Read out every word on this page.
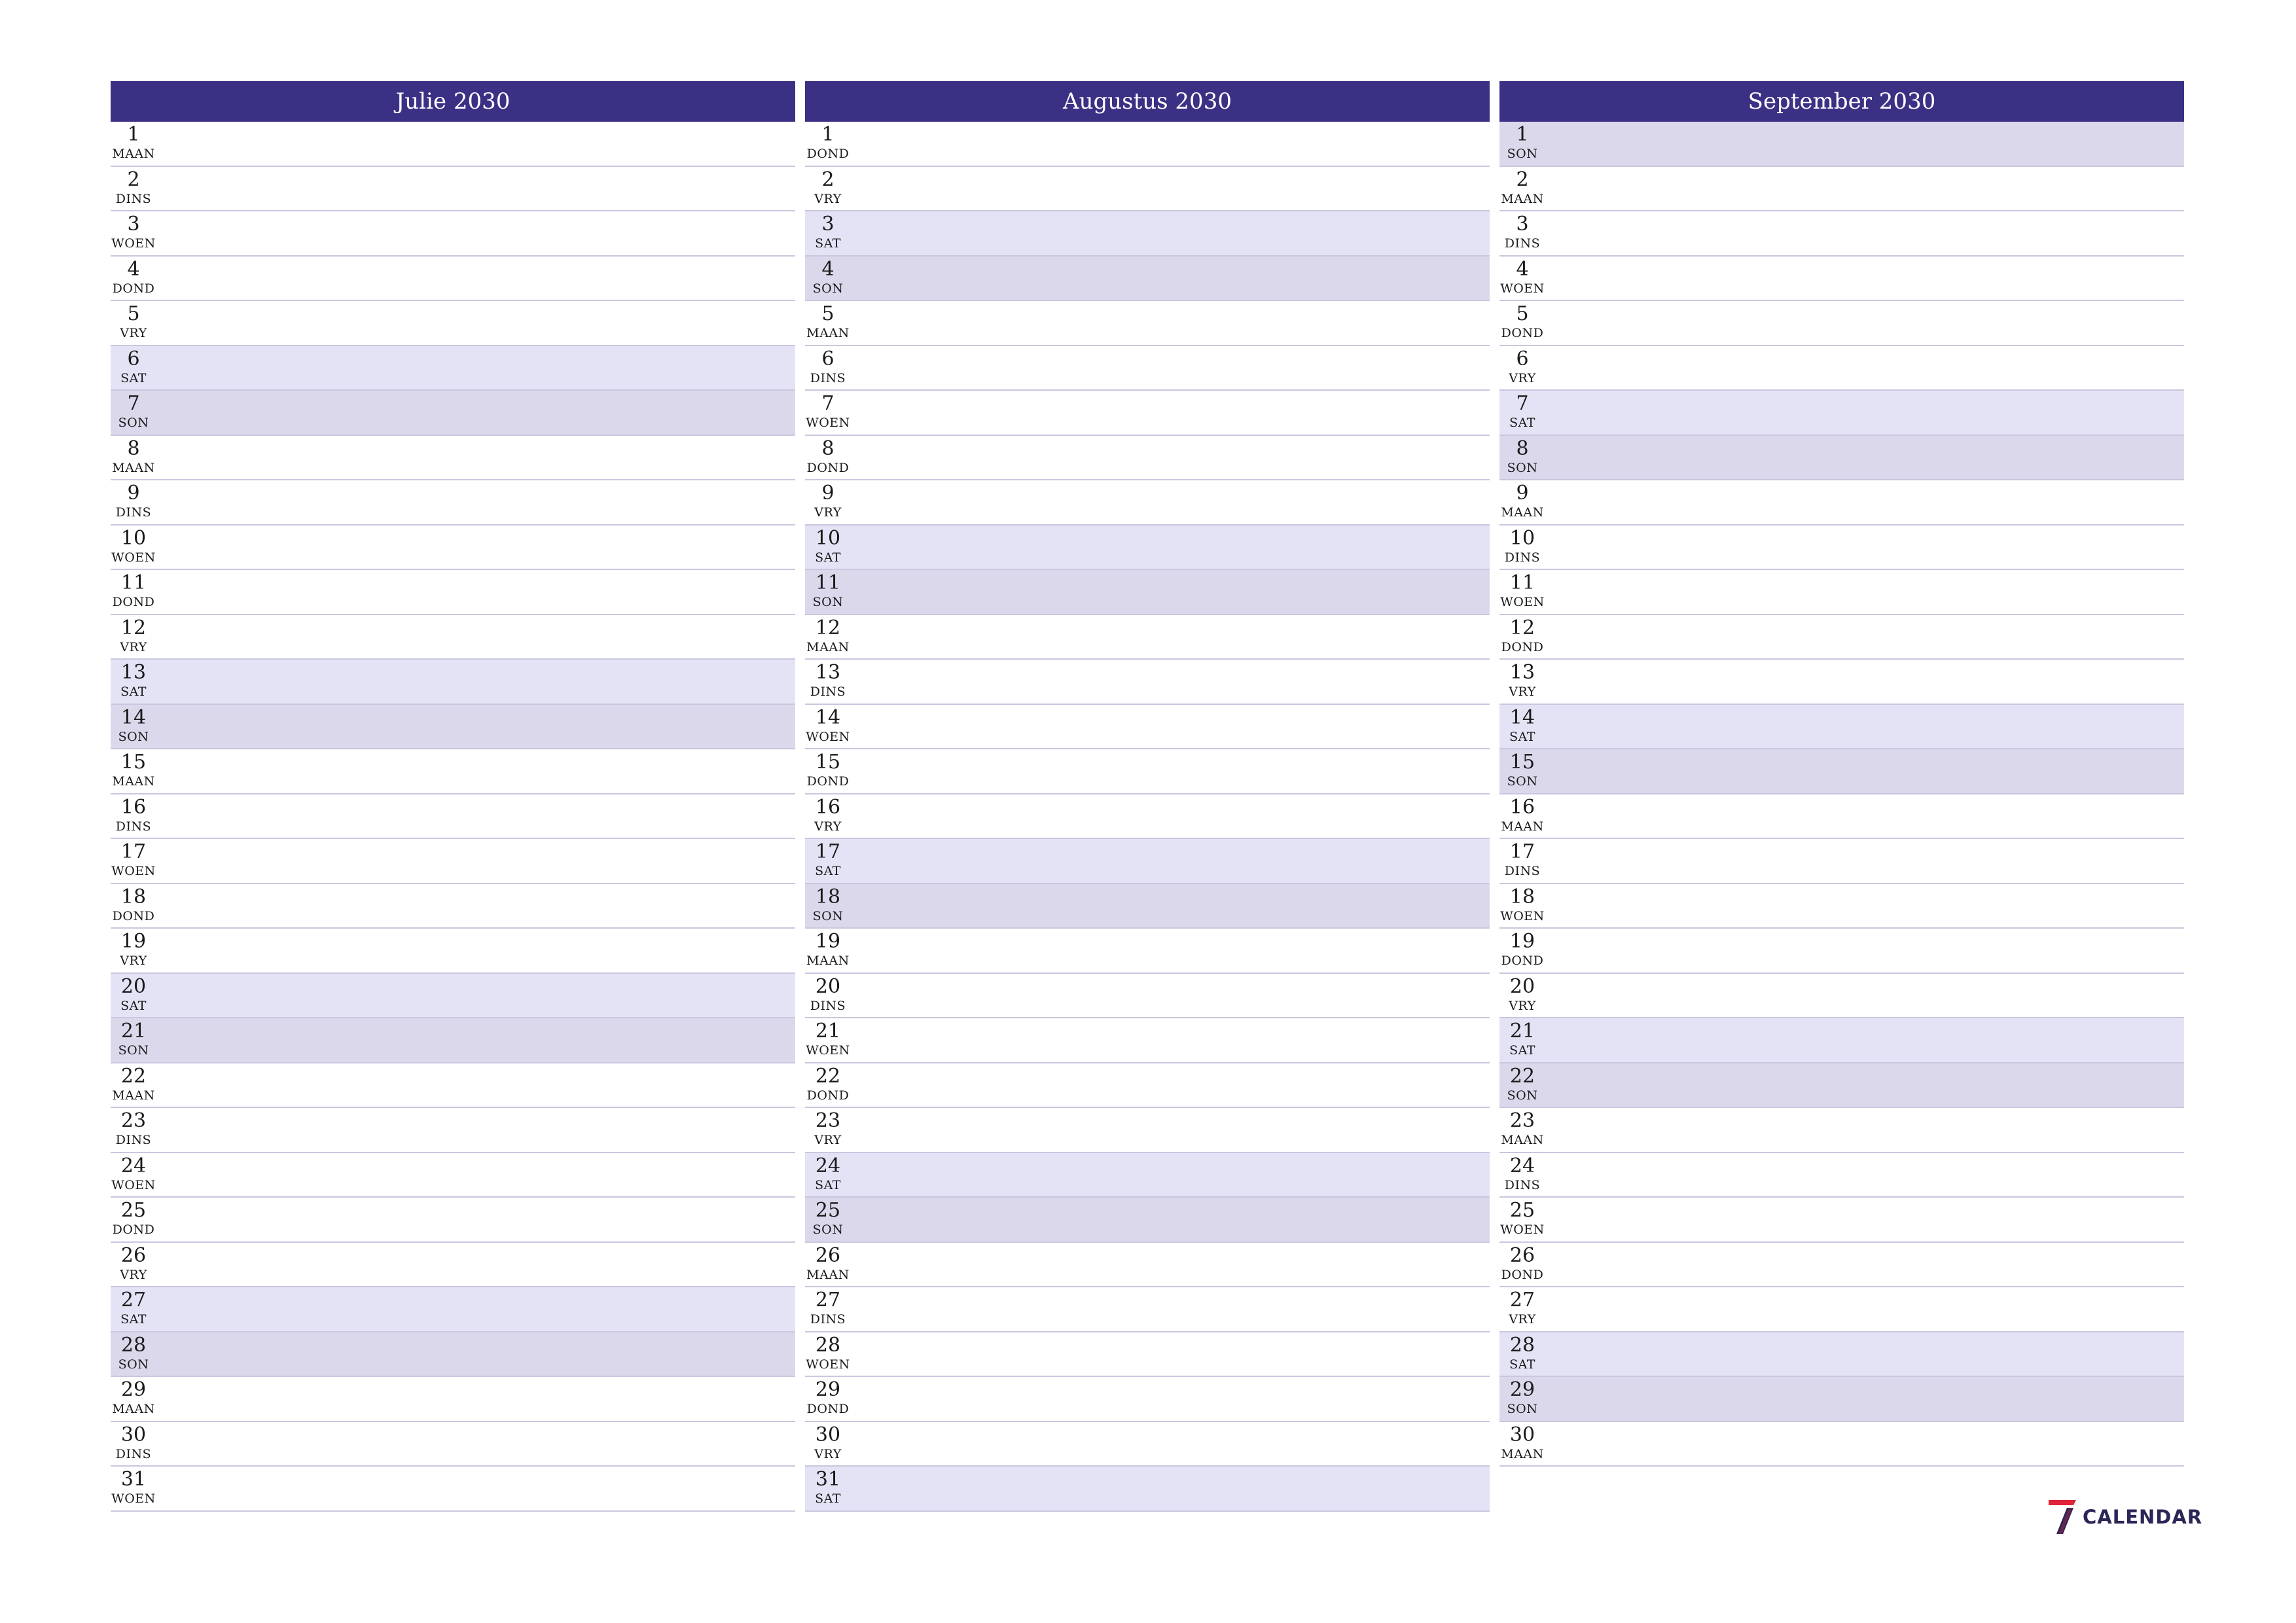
Julie 2030
1
MAAN
2
DINS
3
WOEN
4
DOND
5
VRY
6
SAT
7
SON
8
MAAN
9
DINS
10
WOEN
11
DOND
12
VRY
13
SAT
14
SON
15
MAAN
16
DINS
17
WOEN
18
DOND
19
VRY
20
SAT
21
SON
22
MAAN
23
DINS
24
WOEN
25
DOND
26
VRY
27
SAT
28
SON
29
MAAN
30
DINS
31
WOEN
Augustus 2030
1
DOND
2
VRY
3
SAT
4
SON
5
MAAN
6
DINS
7
WOEN
8
DOND
9
VRY
10
SAT
11
SON
12
MAAN
13
DINS
14
WOEN
15
DOND
16
VRY
17
SAT
18
SON
19
MAAN
20
DINS
21
WOEN
22
DOND
23
VRY
24
SAT
25
SON
26
MAAN
27
DINS
28
WOEN
29
DOND
30
VRY
31
SAT
September 2030
1
SON
2
MAAN
3
DINS
4
WOEN
5
DOND
6
VRY
7
SAT
8
SON
9
MAAN
10
DINS
11
WOEN
12
DOND
13
VRY
14
SAT
15
SON
16
MAAN
17
DINS
18
WOEN
19
DOND
20
VRY
21
SAT
22
SON
23
MAAN
24
DINS
25
WOEN
26
DOND
27
VRY
28
SAT
29
SON
30
MAAN
CALENDAR
